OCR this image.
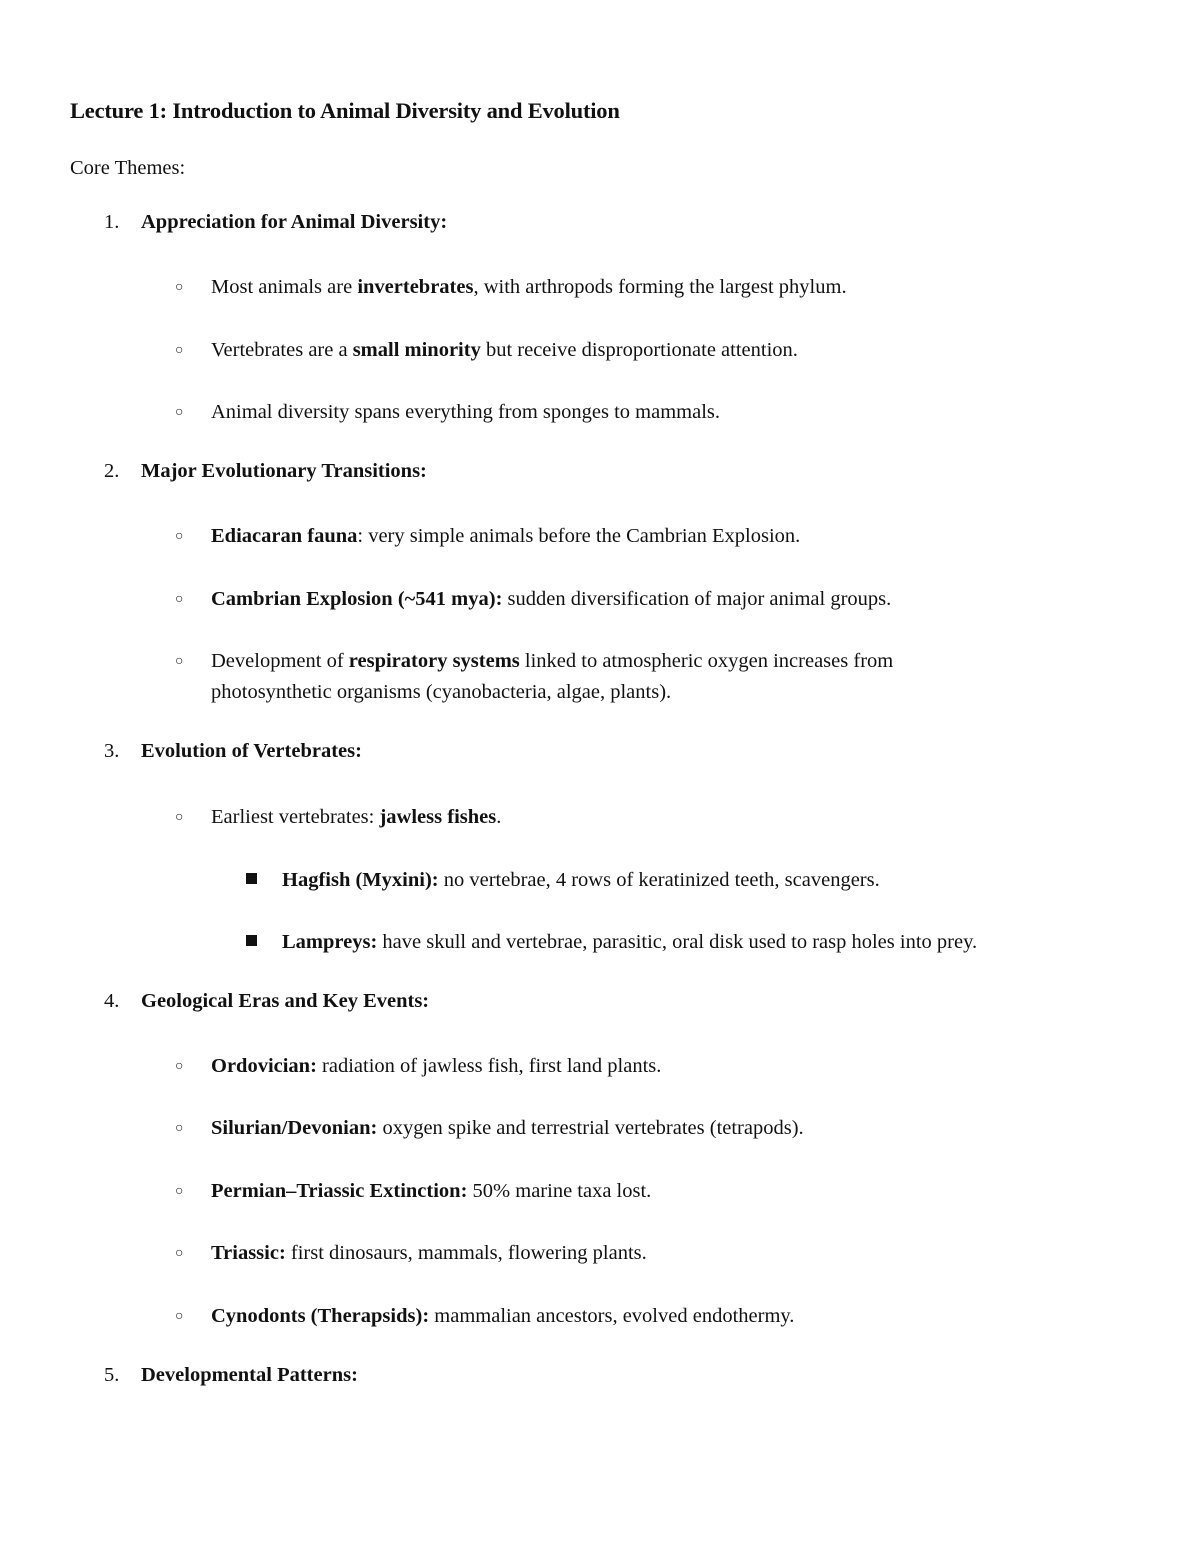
Lecture 1: Introduction to Animal Diversity and Evolution
Core Themes:
1. Appreciation for Animal Diversity:
○ Most animals are invertebrates, with arthropods forming the largest phylum.
○ Vertebrates are a small minority but receive disproportionate attention.
○ Animal diversity spans everything from sponges to mammals.
2. Major Evolutionary Transitions:
○ Ediacaran fauna: very simple animals before the Cambrian Explosion.
○ Cambrian Explosion (~541 mya): sudden diversification of major animal groups.
○ Development of respiratory systems linked to atmospheric oxygen increases from photosynthetic organisms (cyanobacteria, algae, plants).
3. Evolution of Vertebrates:
○ Earliest vertebrates: jawless fishes.
Hagfish (Myxini): no vertebrae, 4 rows of keratinized teeth, scavengers.
Lampreys: have skull and vertebrae, parasitic, oral disk used to rasp holes into prey.
4. Geological Eras and Key Events:
○ Ordovician: radiation of jawless fish, first land plants.
○ Silurian/Devonian: oxygen spike and terrestrial vertebrates (tetrapods).
○ Permian–Triassic Extinction: 50% marine taxa lost.
○ Triassic: first dinosaurs, mammals, flowering plants.
○ Cynodonts (Therapsids): mammalian ancestors, evolved endothermy.
5. Developmental Patterns:
